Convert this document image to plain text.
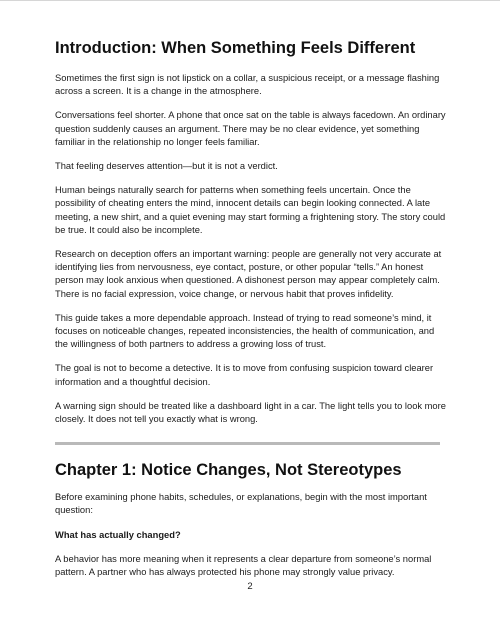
Introduction: When Something Feels Different

Sometimes the first sign is not lipstick on a collar, a suspicious receipt, or a message flashing across a screen. It is a change in the atmosphere.

Conversations feel shorter. A phone that once sat on the table is always facedown. An ordinary question suddenly causes an argument. There may be no clear evidence, yet something familiar in the relationship no longer feels familiar.

That feeling deserves attention—but it is not a verdict.

Human beings naturally search for patterns when something feels uncertain. Once the possibility of cheating enters the mind, innocent details can begin looking connected. A late meeting, a new shirt, and a quiet evening may start forming a frightening story. The story could be true. It could also be incomplete.

Research on deception offers an important warning: people are generally not very accurate at identifying lies from nervousness, eye contact, posture, or other popular “tells.” An honest person may look anxious when questioned. A dishonest person may appear completely calm. There is no facial expression, voice change, or nervous habit that proves infidelity.

This guide takes a more dependable approach. Instead of trying to read someone’s mind, it focuses on noticeable changes, repeated inconsistencies, the health of communication, and the willingness of both partners to address a growing loss of trust.

The goal is not to become a detective. It is to move from confusing suspicion toward clearer information and a thoughtful decision.

A warning sign should be treated like a dashboard light in a car. The light tells you to look more closely. It does not tell you exactly what is wrong.

Chapter 1: Notice Changes, Not Stereotypes

Before examining phone habits, schedules, or explanations, begin with the most important question:

What has actually changed?

A behavior has more meaning when it represents a clear departure from someone’s normal pattern. A partner who has always protected his phone may strongly value privacy.

2
